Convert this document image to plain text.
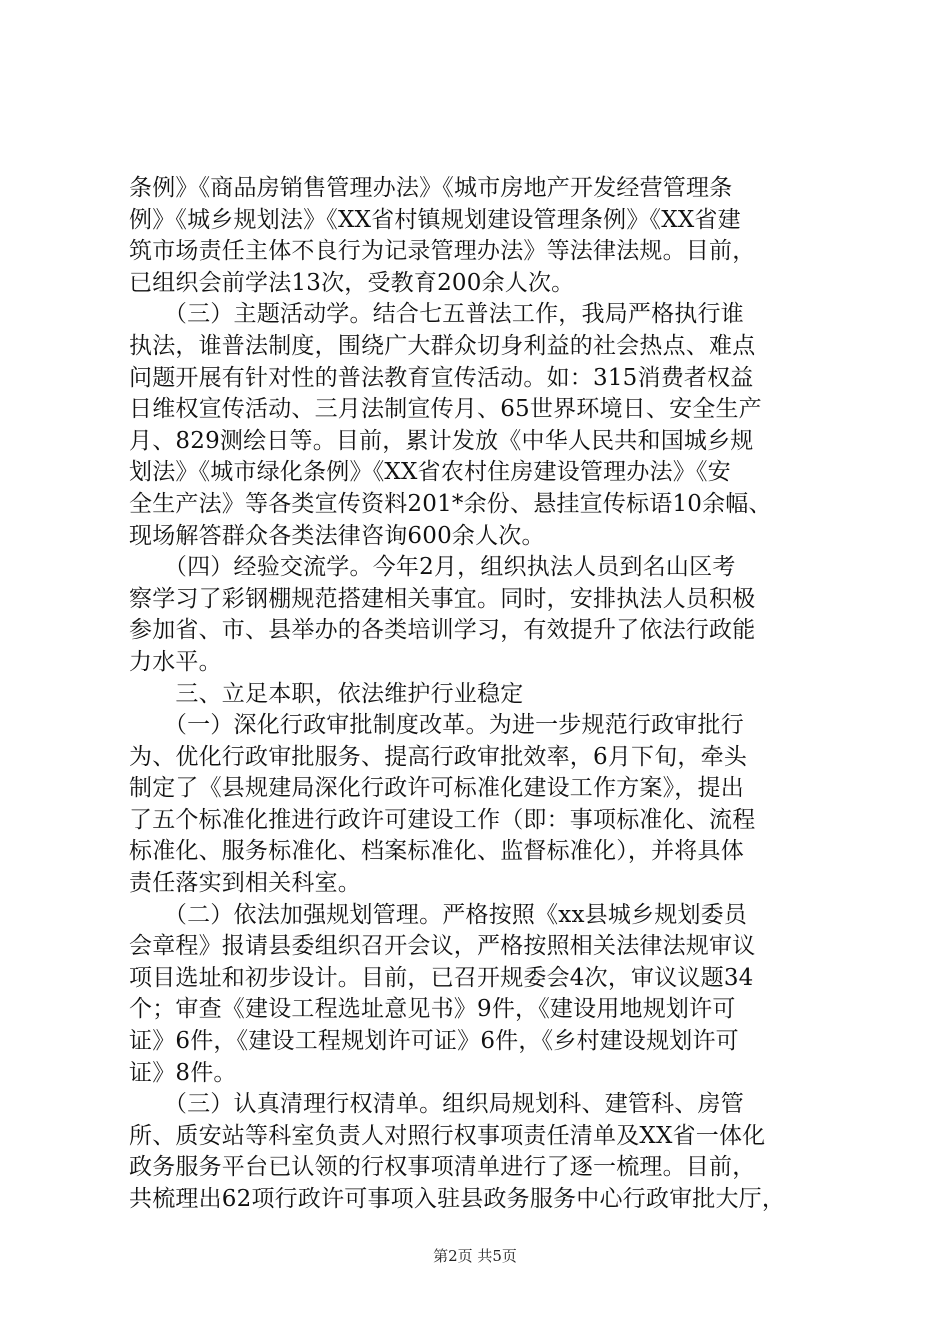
条例》《商品房销售管理办法》《城市房地产开发经营管理条
例》《城乡规划法》《XX省村镇规划建设管理条例》《XX省建
筑市场责任主体不良行为记录管理办法》等法律法规。目前，
已组织会前学法13次，受教育200余人次。
　　（三）主题活动学。结合七五普法工作，我局严格执行谁
执法，谁普法制度，围绕广大群众切身利益的社会热点、难点
问题开展有针对性的普法教育宣传活动。如：315消费者权益
日维权宣传活动、三月法制宣传月、65世界环境日、安全生产
月、829测绘日等。目前，累计发放《中华人民共和国城乡规
划法》《城市绿化条例》《XX省农村住房建设管理办法》《安
全生产法》等各类宣传资料201*余份、悬挂宣传标语10余幅、
现场解答群众各类法律咨询600余人次。
　　（四）经验交流学。今年2月，组织执法人员到名山区考
察学习了彩钢棚规范搭建相关事宜。同时，安排执法人员积极
参加省、市、县举办的各类培训学习，有效提升了依法行政能
力水平。
　　三、立足本职，依法维护行业稳定
　　（一）深化行政审批制度改革。为进一步规范行政审批行
为、优化行政审批服务、提高行政审批效率，6月下旬，牵头
制定了《县规建局深化行政许可标准化建设工作方案》，提出
了五个标准化推进行政许可建设工作（即：事项标准化、流程
标准化、服务标准化、档案标准化、监督标准化），并将具体
责任落实到相关科室。
　　（二）依法加强规划管理。严格按照《xx县城乡规划委员
会章程》报请县委组织召开会议，严格按照相关法律法规审议
项目选址和初步设计。目前，已召开规委会4次，审议议题34
个；审查《建设工程选址意见书》9件，《建设用地规划许可
证》6件，《建设工程规划许可证》6件，《乡村建设规划许可
证》8件。
　　（三）认真清理行权清单。组织局规划科、建管科、房管
所、质安站等科室负责人对照行权事项责任清单及XX省一体化
政务服务平台已认领的行权事项清单进行了逐一梳理。目前，
共梳理出62项行政许可事项入驻县政务服务中心行政审批大厅，
第2页 共5页
